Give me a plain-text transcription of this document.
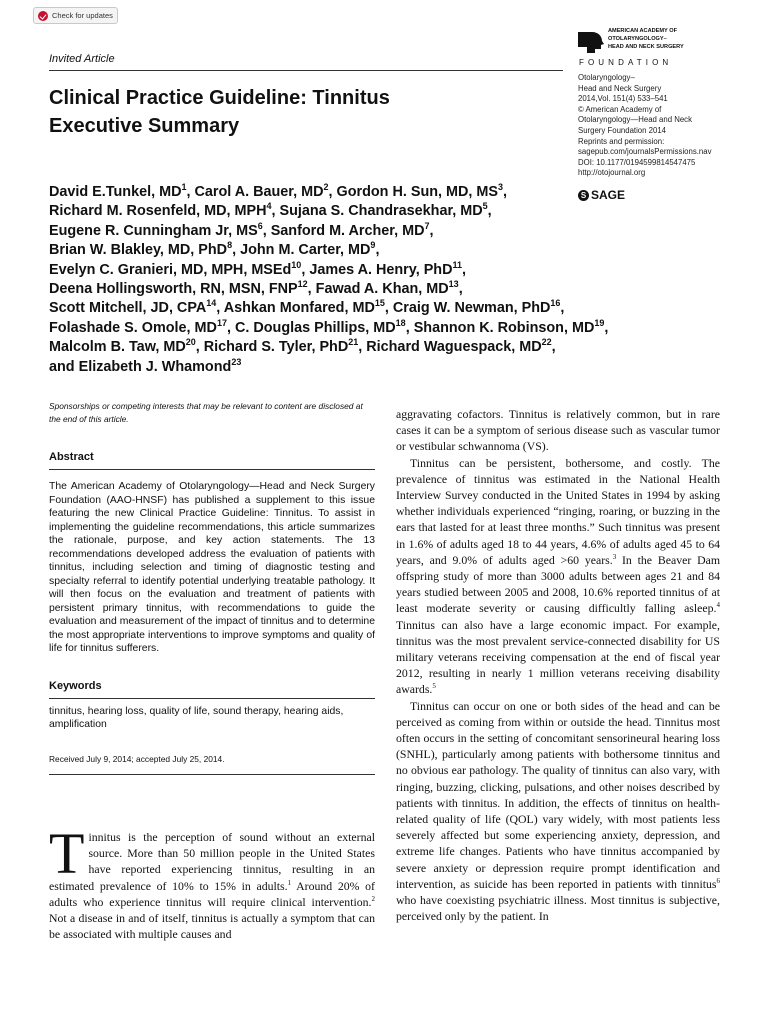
Check for updates
Invited Article
Clinical Practice Guideline: Tinnitus
Executive Summary
AMERICAN ACADEMY OF
OTOLARYNGOLOGY–
HEAD AND NECK SURGERY
FOUNDATION
Otolaryngology–
Head and Neck Surgery
2014,Vol. 151(4) 533–541
© American Academy of
Otolaryngology—Head and Neck
Surgery Foundation 2014
Reprints and permission:
sagepub.com/journalsPermissions.nav
DOI: 10.1177/0194599814547475
http://otojournal.org
S SAGE
David E.Tunkel, $MD^1$, Carol A. Bauer, $MD^2$, Gordon H. Sun, MD, $MS^3$,
Richard M. Rosenfeld, MD, MPH$^4$, Sujana S. Chandrasekhar, $MD^5$,
Eugene R. Cunningham Jr, $MS^6$, Sanford M. Archer, $MD^7$,
Brian W. Blakley, MD, PhD$^8$, John M. Carter, $MD^9$,
Evelyn C. Granieri, MD, MPH, MSEd$^{10}$, James A. Henry, PhD$^{11}$,
Deena Hollingsworth, RN, MSN, FNP$^{12}$, Fawad A. Khan, MD$^{13}$,
Scott Mitchell, JD, CPA$^{14}$, Ashkan Monfared, MD$^{15}$, Craig W. Newman, PhD$^{16}$,
Folashade S. Omole, MD$^{17}$, C. Douglas Phillips, MD$^{18}$, Shannon K. Robinson, MD$^{19}$,
Malcolm B. Taw, MD$^{20}$, Richard S. Tyler, PhD$^{21}$, Richard Waguespack, MD$^{22}$,
and Elizabeth J. Whamond$^{23}$

Sponsorships or competing interests that may be relevant to content are disclosed at the end of this article.

Abstract

The American Academy of Otolaryngology—Head and Neck Surgery Foundation (AAO-HNSF) has published a supplement to this issue featuring the new Clinical Practice Guideline: Tinnitus. To assist in implementing the guideline recommendations, this article summarizes the rationale, purpose, and key action statements. The 13 recommendations developed address the evaluation of patients with tinnitus, including selection and timing of diagnostic testing and specialty referral to identify potential underlying treatable pathology. It will then focus on the evaluation and treatment of patients with persistent primary tinnitus, with recommendations to guide the evaluation and measurement of the impact of tinnitus and to determine the most appropriate interventions to improve symptoms and quality of life for tinnitus sufferers.

Keywords

tinnitus, hearing loss, quality of life, sound therapy, hearing aids, amplification

Received July 9, 2014; accepted July 25, 2014.

Tinnitus is the perception of sound without an external source. More than 50 million people in the United States have reported experiencing tinnitus, resulting in an estimated prevalence of 10% to 15% in adults.$^1$ Around 20% of adults who experience tinnitus will require clinical intervention.$^2$ Not a disease in and of itself, tinnitus is actually a symptom that can be associated with multiple causes and

aggravating cofactors. Tinnitus is relatively common, but in rare cases it can be a symptom of serious disease such as vascular tumor or vestibular schwannoma (VS).

Tinnitus can be persistent, bothersome, and costly. The prevalence of tinnitus was estimated in the National Health Interview Survey conducted in the United States in 1994 by asking whether individuals experienced “ringing, roaring, or buzzing in the ears that lasted for at least three months.” Such tinnitus was present in 1.6% of adults aged 18 to 44 years, 4.6% of adults aged 45 to 64 years, and 9.0% of adults aged >60 years.$^3$ In the Beaver Dam offspring study of more than 3000 adults between ages 21 and 84 years studied between 2005 and 2008, 10.6% reported tinnitus of at least moderate severity or causing difficultly falling asleep.$^4$ Tinnitus can also have a large economic impact. For example, tinnitus was the most prevalent service-connected disability for US military veterans receiving compensation at the end of fiscal year 2012, resulting in nearly 1 million veterans receiving disability awards.$^5$

Tinnitus can occur on one or both sides of the head and can be perceived as coming from within or outside the head. Tinnitus most often occurs in the setting of concomitant sensorineural hearing loss (SNHL), particularly among patients with bothersome tinnitus and no obvious ear pathology. The quality of tinnitus can also vary, with ringing, buzzing, clicking, pulsations, and other noises described by patients with tinnitus. In addition, the effects of tinnitus on health-related quality of life (QOL) vary widely, with most patients less severely affected but some experiencing anxiety, depression, and extreme life changes. Patients who have tinnitus accompanied by severe anxiety or depression require prompt identification and intervention, as suicide has been reported in patients with tinnitus$^6$ who have coexisting psychiatric illness. Most tinnitus is subjective, perceived only by the patient. In
